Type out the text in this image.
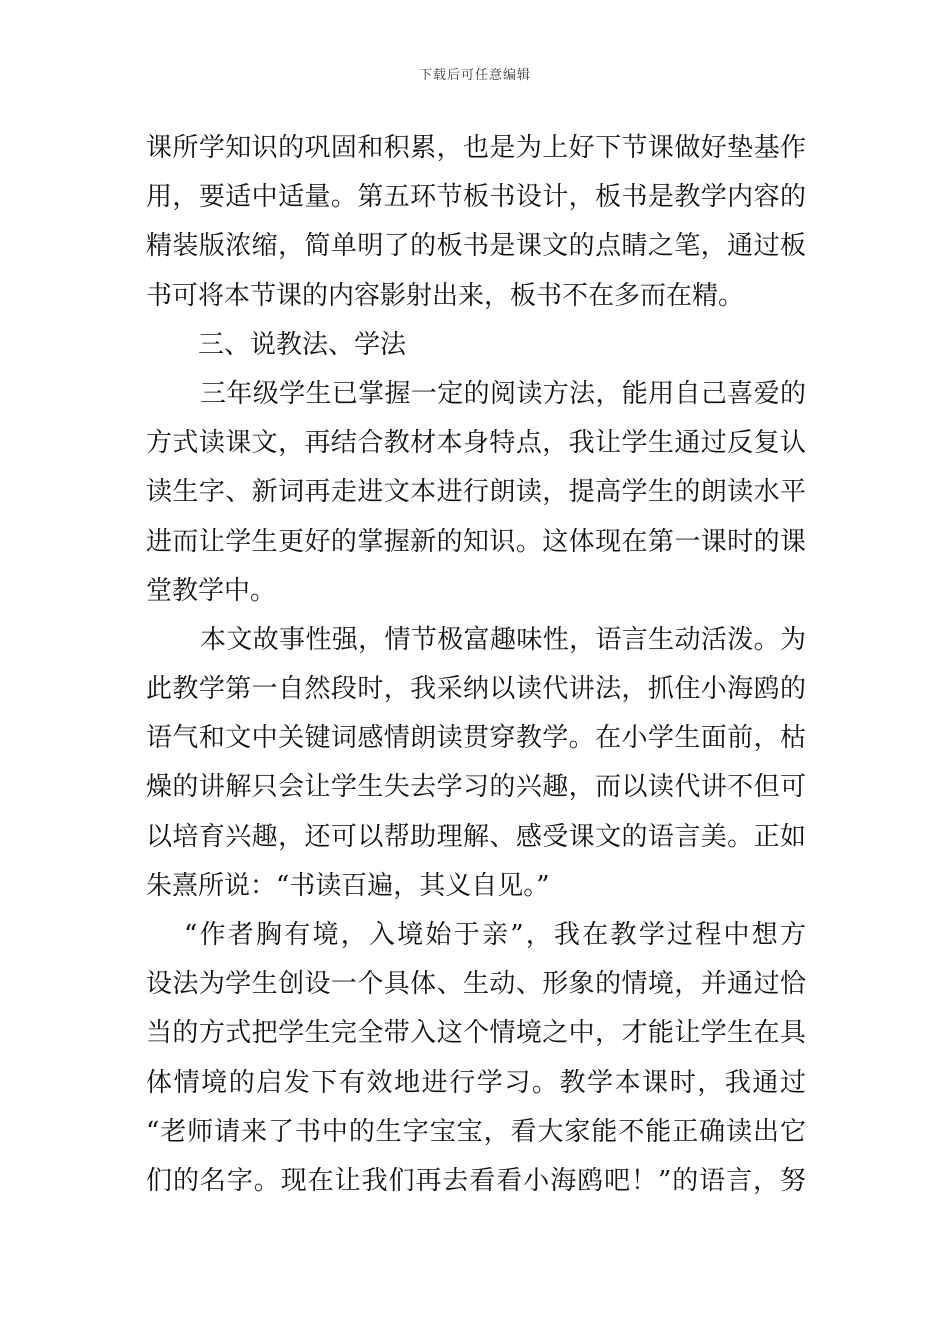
下载后可任意编辑
课所学知识的巩固和积累，也是为上好下节课做好垫基作
用，要适中适量。第五环节板书设计，板书是教学内容的
精装版浓缩，简单明了的板书是课文的点睛之笔，通过板
书可将本节课的内容影射出来，板书不在多而在精。
三、说教法、学法
三年级学生已掌握一定的阅读方法，能用自己喜爱的
方式读课文，再结合教材本身特点，我让学生通过反复认
读生字、新词再走进文本进行朗读，提高学生的朗读水平
进而让学生更好的掌握新的知识。这体现在第一课时的课
堂教学中。
本文故事性强，情节极富趣味性，语言生动活泼。为
此教学第一自然段时，我采纳以读代讲法，抓住小海鸥的
语气和文中关键词感情朗读贯穿教学。在小学生面前，枯
燥的讲解只会让学生失去学习的兴趣，而以读代讲不但可
以培育兴趣，还可以帮助理解、感受课文的语言美。正如
朱熹所说：“书读百遍，其义自见。”
“作者胸有境，入境始于亲”，我在教学过程中想方
设法为学生创设一个具体、生动、形象的情境，并通过恰
当的方式把学生完全带入这个情境之中，才能让学生在具
体情境的启发下有效地进行学习。教学本课时，我通过
“老师请来了书中的生字宝宝，看大家能不能正确读出它
们的名字。现在让我们再去看看小海鸥吧！”的语言，努
